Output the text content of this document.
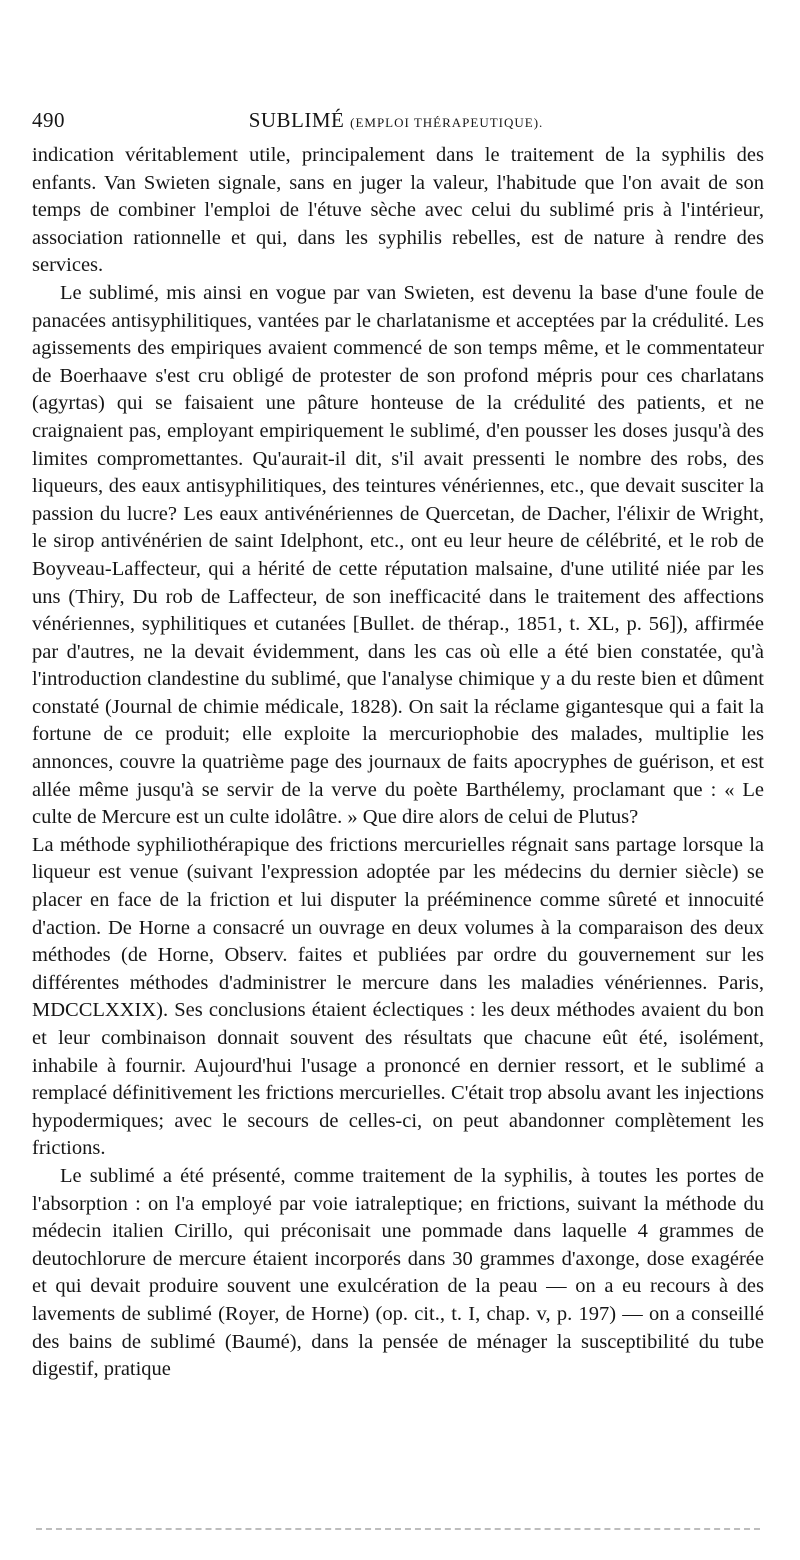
490	SUBLIMÉ (EMPLOI THÉRAPEUTIQUE).

indication véritablement utile, principalement dans le traitement de la syphilis des enfants. Van Swieten signale, sans en juger la valeur, l'habitude que l'on avait de son temps de combiner l'emploi de l'étuve sèche avec celui du sublimé pris à l'intérieur, association rationnelle et qui, dans les syphilis rebelles, est de nature à rendre des services.

Le sublimé, mis ainsi en vogue par van Swieten, est devenu la base d'une foule de panacées antisyphilitiques, vantées par le charlatanisme et acceptées par la crédulité. Les agissements des empiriques avaient commencé de son temps même, et le commentateur de Boerhaave s'est cru obligé de protester de son profond mépris pour ces charlatans (agyrtas) qui se faisaient une pâture honteuse de la crédulité des patients, et ne craignaient pas, employant empiriquement le sublimé, d'en pousser les doses jusqu'à des limites compromettantes. Qu'aurait-il dit, s'il avait pressenti le nombre des robs, des liqueurs, des eaux antisyphilitiques, des teintures vénériennes, etc., que devait susciter la passion du lucre? Les eaux antivénériennes de Quercetan, de Dacher, l'élixir de Wright, le sirop antivénérien de saint Idelphont, etc., ont eu leur heure de célébrité, et le rob de Boyveau-Laffecteur, qui a hérité de cette réputation malsaine, d'une utilité niée par les uns (Thiry, Du rob de Laffecteur, de son inefficacité dans le traitement des affections vénériennes, syphilitiques et cutanées [Bullet. de thérap., 1851, t. XL, p. 56]), affirmée par d'autres, ne la devait évidemment, dans les cas où elle a été bien constatée, qu'à l'introduction clandestine du sublimé, que l'analyse chimique y a du reste bien et dûment constaté (Journal de chimie médicale, 1828). On sait la réclame gigantesque qui a fait la fortune de ce produit; elle exploite la mercuriophobie des malades, multiplie les annonces, couvre la quatrième page des journaux de faits apocryphes de guérison, et est allée même jusqu'à se servir de la verve du poète Barthélemy, proclamant que : « Le culte de Mercure est un culte idolâtre. » Que dire alors de celui de Plutus?

La méthode syphiliothérapique des frictions mercurielles régnait sans partage lorsque la liqueur est venue (suivant l'expression adoptée par les médecins du dernier siècle) se placer en face de la friction et lui disputer la prééminence comme sûreté et innocuité d'action. De Horne a consacré un ouvrage en deux volumes à la comparaison des deux méthodes (de Horne, Observ. faites et publiées par ordre du gouvernement sur les différentes méthodes d'administrer le mercure dans les maladies vénériennes. Paris, MDCCLXXIX). Ses conclusions étaient éclectiques : les deux méthodes avaient du bon et leur combinaison donnait souvent des résultats que chacune eût été, isolément, inhabile à fournir. Aujourd'hui l'usage a prononcé en dernier ressort, et le sublimé a remplacé définitivement les frictions mercurielles. C'était trop absolu avant les injections hypodermiques; avec le secours de celles-ci, on peut abandonner complètement les frictions.

Le sublimé a été présenté, comme traitement de la syphilis, à toutes les portes de l'absorption : on l'a employé par voie iatraleptique; en frictions, suivant la méthode du médecin italien Cirillo, qui préconisait une pommade dans laquelle 4 grammes de deutochlorure de mercure étaient incorporés dans 30 grammes d'axonge, dose exagérée et qui devait produire souvent une exulcération de la peau — on a eu recours à des lavements de sublimé (Royer, de Horne) (op. cit., t. I, chap. v, p. 197) — on a conseillé des bains de sublimé (Baumé), dans la pensée de ménager la susceptibilité du tube digestif, pratique
